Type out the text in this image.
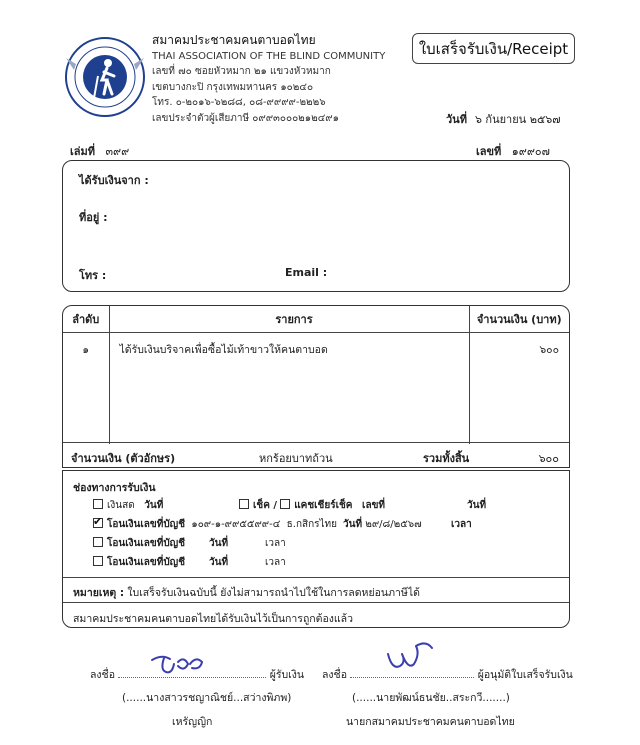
สมาคมประชาคมคนตาบอดไทย
THAI ASSOCIATION OF THE BLIND COMMUNITY
เลขที่ ๗๐ ซอยหัวหมาก ๒๑ แขวงหัวหมาก
เขตบางกะปิ กรุงเทพมหานคร ๑๐๒๔๐
โทร. ๐-๒๐๑๖-๖๒๘๘, ๐๘-๙๙๙๙-๒๒๒๖
เลขประจำตัวผู้เสียภาษี ๐๙๙๓๐๐๐๒๑๒๔๙๑
ใบเสร็จรับเงิน/Receipt
วันที่ ๖ กันยายน ๒๕๖๗
เล่มที่ ๓๙๙	เลขที่ ๑๙๙๐๗
ได้รับเงินจาก :
ที่อยู่ :
โทร :	Email :
ลำดับ	รายการ	จำนวนเงิน (บาท)
๑	ได้รับเงินบริจาคเพื่อซื้อไม้เท้าขาวให้คนตาบอด	๖๐๐
จำนวนเงิน (ตัวอักษร)	หกร้อยบาทถ้วน	รวมทั้งสิ้น	๖๐๐
ช่องทางการรับเงิน
เงินสด วันที่	เช็ค / แคชเชียร์เช็ค เลขที่	วันที่
✔โอนเงินเลขที่บัญชี ๑๐๙-๑-๙๙๕๕๙๙-๔ ธ.กสิกรไทย วันที่ ๒๙/๘/๒๕๖๗	เวลา
โอนเงินเลขที่บัญชี วันที่	เวลา
โอนเงินเลขที่บัญชี วันที่	เวลา
หมายเหตุ : ใบเสร็จรับเงินฉบับนี้ ยังไม่สามารถนำไปใช้ในการลดหย่อนภาษีได้
สมาคมประชาคมคนตาบอดไทยได้รับเงินไว้เป็นการถูกต้องแล้ว
ลงชื่อ	ผู้รับเงิน
(......นางสาวรชญาณิชย์...สว่างพิภพ)
เหรัญญิก
ลงชื่อ	ผู้อนุมัติใบเสร็จรับเงิน
(......นายพัฒน์ธนชัย..สระกวี.......)
นายกสมาคมประชาคมคนตาบอดไทย
